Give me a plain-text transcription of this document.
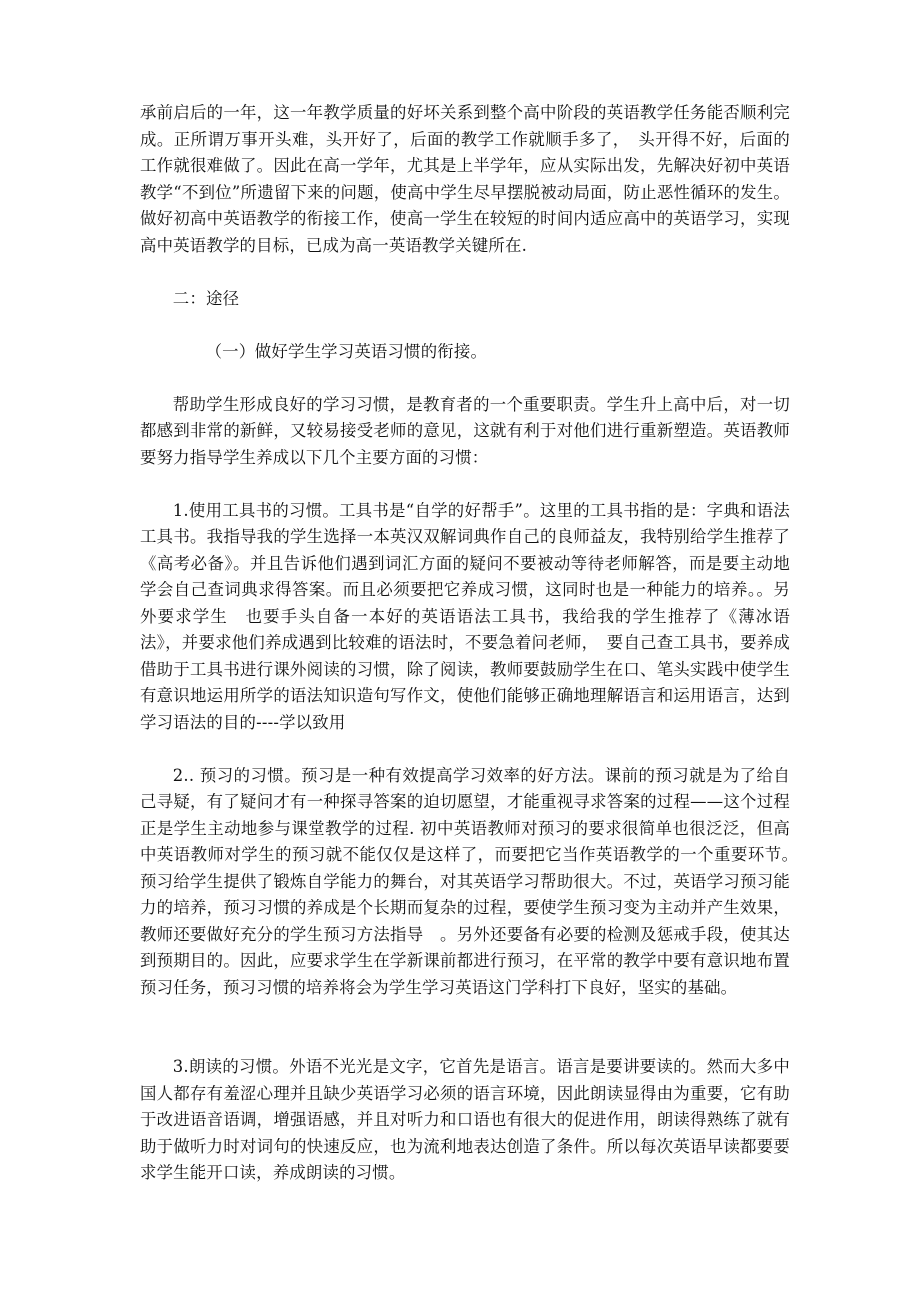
承前启后的一年，这一年教学质量的好坏关系到整个高中阶段的英语教学任务能否顺利完成。正所谓万事开头难，头开好了，后面的教学工作就顺手多了，　头开得不好，后面的工作就很难做了。因此在高一学年，尤其是上半学年，应从实际出发，先解决好初中英语教学“不到位”所遗留下来的问题，使高中学生尽早摆脱被动局面，防止恶性循环的发生。做好初高中英语教学的衔接工作，使高一学生在较短的时间内适应高中的英语学习，实现高中英语教学的目标，已成为高一英语教学关键所在.

二：途径

（一）做好学生学习英语习惯的衔接。

帮助学生形成良好的学习习惯，是教育者的一个重要职责。学生升上高中后，对一切都感到非常的新鲜，又较易接受老师的意见，这就有利于对他们进行重新塑造。英语教师要努力指导学生养成以下几个主要方面的习惯：

1.使用工具书的习惯。工具书是“自学的好帮手”。这里的工具书指的是：字典和语法工具书。我指导我的学生选择一本英汉双解词典作自己的良师益友，我特别给学生推荐了《高考必备》。并且告诉他们遇到词汇方面的疑问不要被动等待老师解答，而是要主动地学会自己查词典求得答案。而且必须要把它养成习惯，这同时也是一种能力的培养。。另外要求学生　也要手头自备一本好的英语语法工具书，我给我的学生推荐了《薄冰语法》，并要求他们养成遇到比较难的语法时，不要急着问老师，　要自己查工具书，要养成借助于工具书进行课外阅读的习惯，除了阅读，教师要鼓励学生在口、笔头实践中使学生有意识地运用所学的语法知识造句写作文，使他们能够正确地理解语言和运用语言，达到学习语法的目的----学以致用

2.. 预习的习惯。预习是一种有效提高学习效率的好方法。课前的预习就是为了给自己寻疑，有了疑问才有一种探寻答案的迫切愿望，才能重视寻求答案的过程——这个过程正是学生主动地参与课堂教学的过程. 初中英语教师对预习的要求很简单也很泛泛，但高中英语教师对学生的预习就不能仅仅是这样了，而要把它当作英语教学的一个重要环节。　预习给学生提供了锻炼自学能力的舞台，对其英语学习帮助很大。不过，英语学习预习能力的培养，预习习惯的养成是个长期而复杂的过程，要使学生预习变为主动并产生效果，教师还要做好充分的学生预习方法指导　。另外还要备有必要的检测及惩戒手段，使其达到预期目的。因此，应要求学生在学新课前都进行预习，在平常的教学中要有意识地布置预习任务，预习习惯的培养将会为学生学习英语这门学科打下良好，坚实的基础。

3.朗读的习惯。外语不光光是文字，它首先是语言。语言是要讲要读的。然而大多中国人都存有羞涩心理并且缺少英语学习必须的语言环境，因此朗读显得由为重要，它有助于改进语音语调，增强语感，并且对听力和口语也有很大的促进作用，朗读得熟练了就有助于做听力时对词句的快速反应，也为流利地表达创造了条件。所以每次英语早读都要要求学生能开口读，养成朗读的习惯。
